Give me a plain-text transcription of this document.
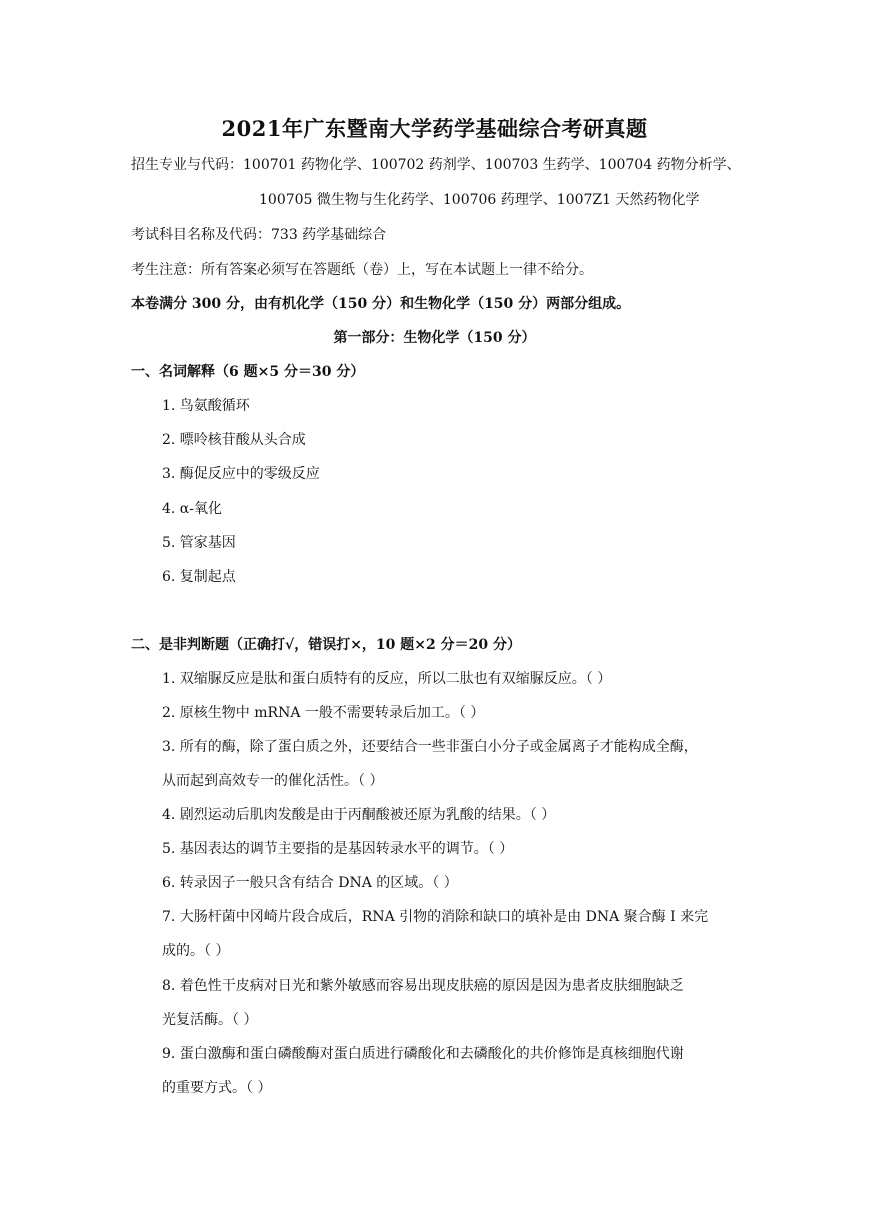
2021年广东暨南大学药学基础综合考研真题
招生专业与代码：100701 药物化学、100702 药剂学、100703 生药学、100704 药物分析学、
100705 微生物与生化药学、100706 药理学、1007Z1 天然药物化学
考试科目名称及代码：733 药学基础综合
考生注意：所有答案必须写在答题纸（卷）上，写在本试题上一律不给分。
本卷满分 300 分，由有机化学（150 分）和生物化学（150 分）两部分组成。
第一部分：生物化学（150 分）
一、名词解释（6 题×5 分＝30 分）
1. 鸟氨酸循环
2. 嘌呤核苷酸从头合成
3. 酶促反应中的零级反应
4. α-氧化
5. 管家基因
6. 复制起点
二、是非判断题（正确打√，错误打×，10 题×2 分＝20 分）
1. 双缩脲反应是肽和蛋白质特有的反应，所以二肽也有双缩脲反应。（ ）
2. 原核生物中 mRNA 一般不需要转录后加工。（ ）
3. 所有的酶，除了蛋白质之外，还要结合一些非蛋白小分子或金属离子才能构成全酶，
从而起到高效专一的催化活性。（ ）
4. 剧烈运动后肌肉发酸是由于丙酮酸被还原为乳酸的结果。（ ）
5. 基因表达的调节主要指的是基因转录水平的调节。（ ）
6. 转录因子一般只含有结合 DNA 的区域。（ ）
7. 大肠杆菌中冈崎片段合成后，RNA 引物的消除和缺口的填补是由 DNA 聚合酶 I 来完
成的。（ ）
8. 着色性干皮病对日光和紫外敏感而容易出现皮肤癌的原因是因为患者皮肤细胞缺乏
光复活酶。（ ）
9. 蛋白激酶和蛋白磷酸酶对蛋白质进行磷酸化和去磷酸化的共价修饰是真核细胞代谢
的重要方式。（ ）
